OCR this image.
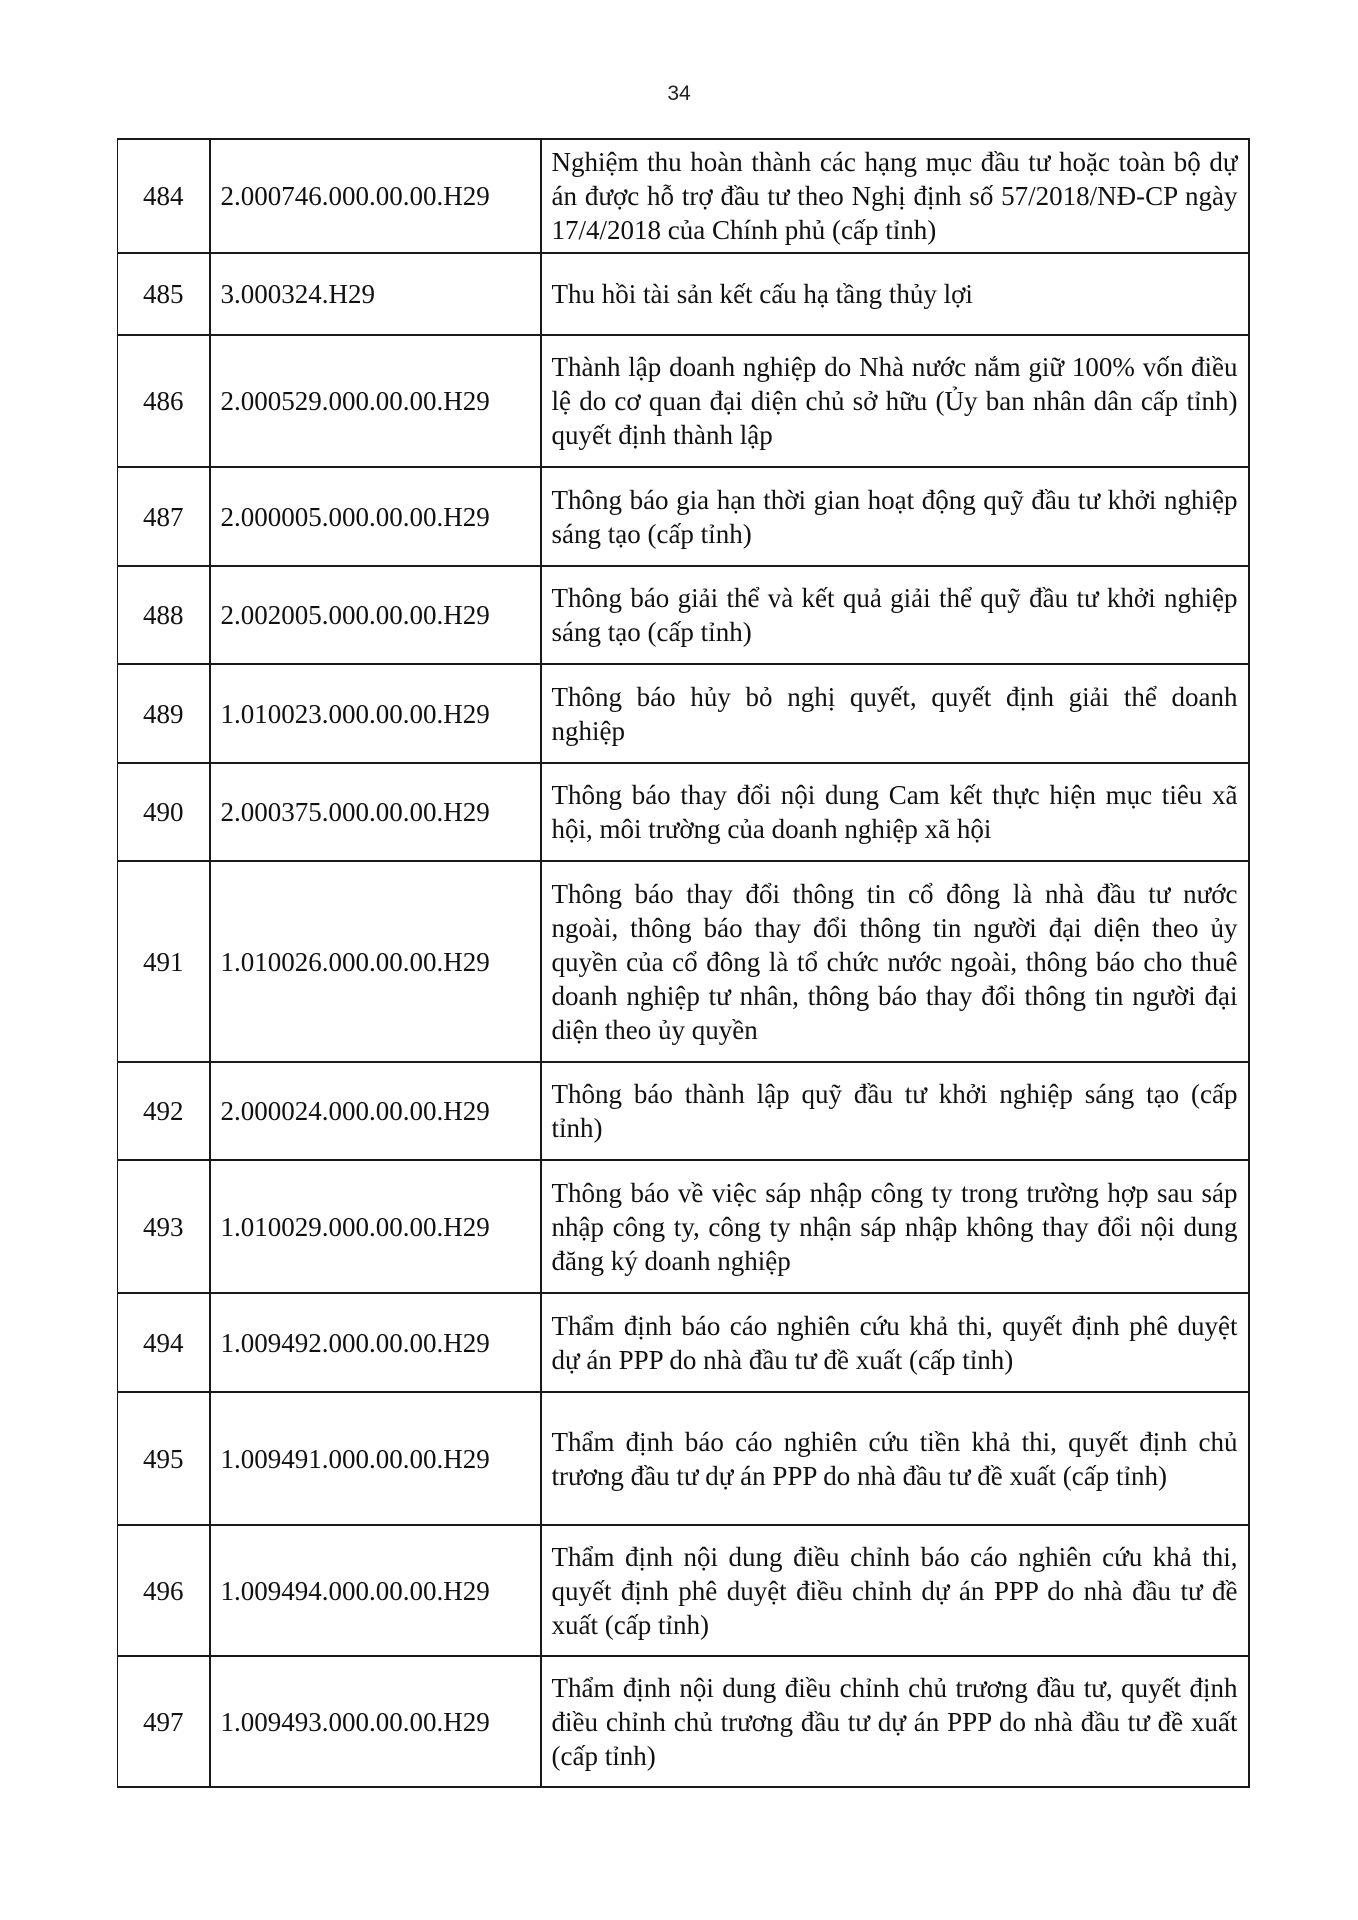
34
484	2.000746.000.00.00.H29	Nghiệm thu hoàn thành các hạng mục đầu tư hoặc toàn bộ dự án được hỗ trợ đầu tư theo Nghị định số 57/2018/NĐ-CP ngày 17/4/2018 của Chính phủ (cấp tỉnh)
485	3.000324.H29	Thu hồi tài sản kết cấu hạ tầng thủy lợi
486	2.000529.000.00.00.H29	Thành lập doanh nghiệp do Nhà nước nắm giữ 100% vốn điều lệ do cơ quan đại diện chủ sở hữu (Ủy ban nhân dân cấp tỉnh) quyết định thành lập
487	2.000005.000.00.00.H29	Thông báo gia hạn thời gian hoạt động quỹ đầu tư khởi nghiệp sáng tạo (cấp tỉnh)
488	2.002005.000.00.00.H29	Thông báo giải thể và kết quả giải thể quỹ đầu tư khởi nghiệp sáng tạo (cấp tỉnh)
489	1.010023.000.00.00.H29	Thông báo hủy bỏ nghị quyết, quyết định giải thể doanh nghiệp
490	2.000375.000.00.00.H29	Thông báo thay đổi nội dung Cam kết thực hiện mục tiêu xã hội, môi trường của doanh nghiệp xã hội
491	1.010026.000.00.00.H29	Thông báo thay đổi thông tin cổ đông là nhà đầu tư nước ngoài, thông báo thay đổi thông tin người đại diện theo ủy quyền của cổ đông là tổ chức nước ngoài, thông báo cho thuê doanh nghiệp tư nhân, thông báo thay đổi thông tin người đại diện theo ủy quyền
492	2.000024.000.00.00.H29	Thông báo thành lập quỹ đầu tư khởi nghiệp sáng tạo (cấp tỉnh)
493	1.010029.000.00.00.H29	Thông báo về việc sáp nhập công ty trong trường hợp sau sáp nhập công ty, công ty nhận sáp nhập không thay đổi nội dung đăng ký doanh nghiệp
494	1.009492.000.00.00.H29	Thẩm định báo cáo nghiên cứu khả thi, quyết định phê duyệt dự án PPP do nhà đầu tư đề xuất (cấp tỉnh)
495	1.009491.000.00.00.H29	Thẩm định báo cáo nghiên cứu tiền khả thi, quyết định chủ trương đầu tư dự án PPP do nhà đầu tư đề xuất (cấp tỉnh)
496	1.009494.000.00.00.H29	Thẩm định nội dung điều chỉnh báo cáo nghiên cứu khả thi, quyết định phê duyệt điều chỉnh dự án PPP do nhà đầu tư đề xuất (cấp tỉnh)
497	1.009493.000.00.00.H29	Thẩm định nội dung điều chỉnh chủ trương đầu tư, quyết định điều chỉnh chủ trương đầu tư dự án PPP do nhà đầu tư đề xuất (cấp tỉnh)
